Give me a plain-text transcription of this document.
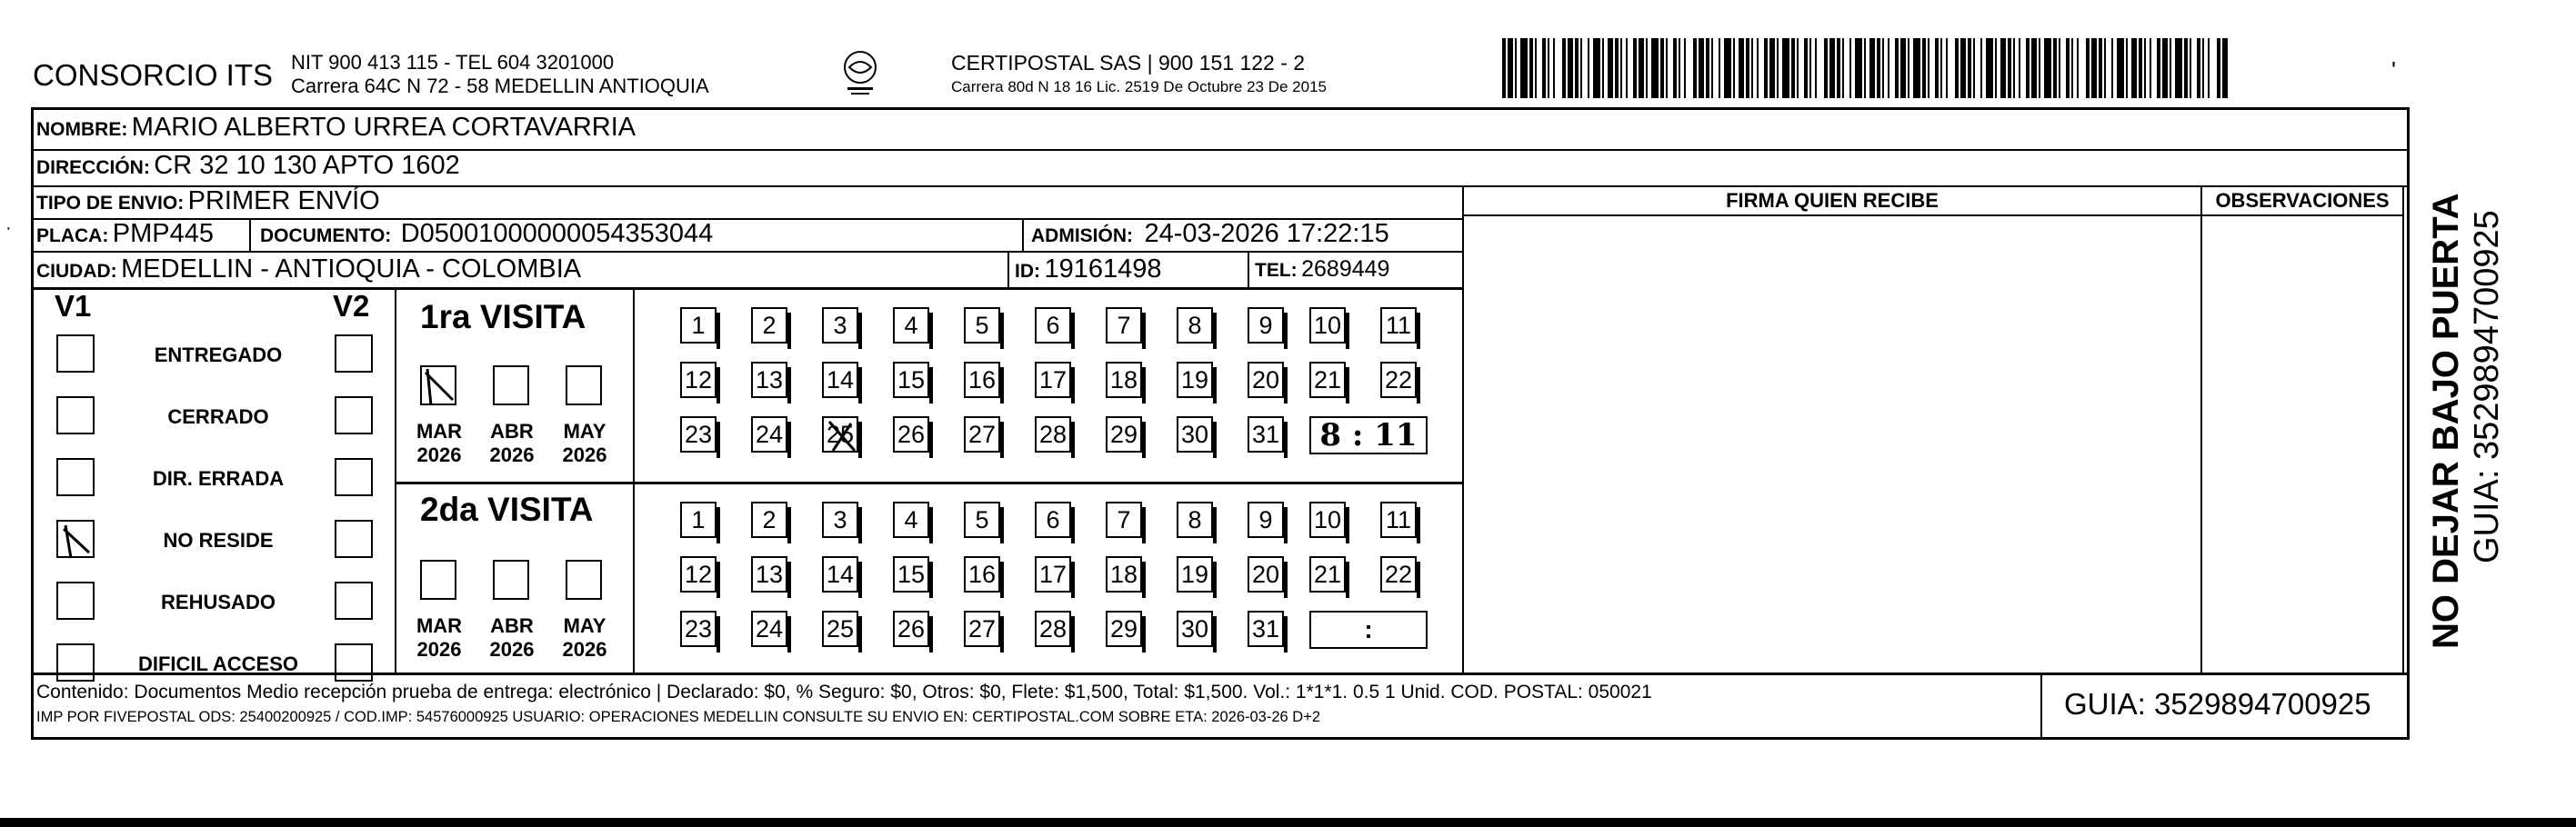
CONSORCIO ITS NIT 900 413 115 - TEL 604 3201000
Carrera 64C N 72 - 58 MEDELLIN ANTIOQUIA
CERTIPOSTAL SAS | 900 151 122 - 2
Carrera 80d N 18 16 Lic. 2519 De Octubre 23 De 2015
'
NOMBRE: MARIO ALBERTO URREA CORTAVARRIA
DIRECCIÓN: CR 32 10 130 APTO 1602
TIPO DE ENVIO: PRIMER ENVÍO
PLACA: PMP445 DOCUMENTO: D05001000000054353044	ADMISIÓN: 24-03-2026 17:22:15
CIUDAD: MEDELLIN - ANTIOQUIA - COLOMBIA	ID: 19161498	TEL: 2689449
FIRMA QUIEN RECIBE	OBSERVACIONES
V1	V2
ENTREGADO
CERRADO
DIR. ERRADA
NO RESIDE
REHUSADO
DIFICIL ACCESO
1ra VISITA
2da VISITA
MAR
2026
ABR
2026
MAY
2026
MAR
2026
ABR
2026
MAY
2026
1 2 3 4 5 6 7 8 9 10 11
12 13 14 15 16 17 18 19 20 21 22
23 24 25 26 27 28 29 30 31 8 : 11
1 2 3 4 5 6 7 8 9 10 11
12 13 14 15 16 17 18 19 20 21 22
23 24 25 26 27 28 29 30 31	:
Contenido: Documentos Medio recepción prueba de entrega: electrónico | Declarado: $0, % Seguro: $0, Otros: $0, Flete: $1,500, Total: $1,500. Vol.: 1*1*1. 0.5 1 Unid. COD. POSTAL: 050021
IMP POR FIVEPOSTAL ODS: 25400200925 / COD.IMP: 54576000925 USUARIO: OPERACIONES MEDELLIN CONSULTE SU ENVIO EN: CERTIPOSTAL.COM SOBRE ETA: 2026-03-26 D+2	GUIA: 3529894700925
NO DEJAR BAJO PUERTA GUIA: 3529894700925
·
